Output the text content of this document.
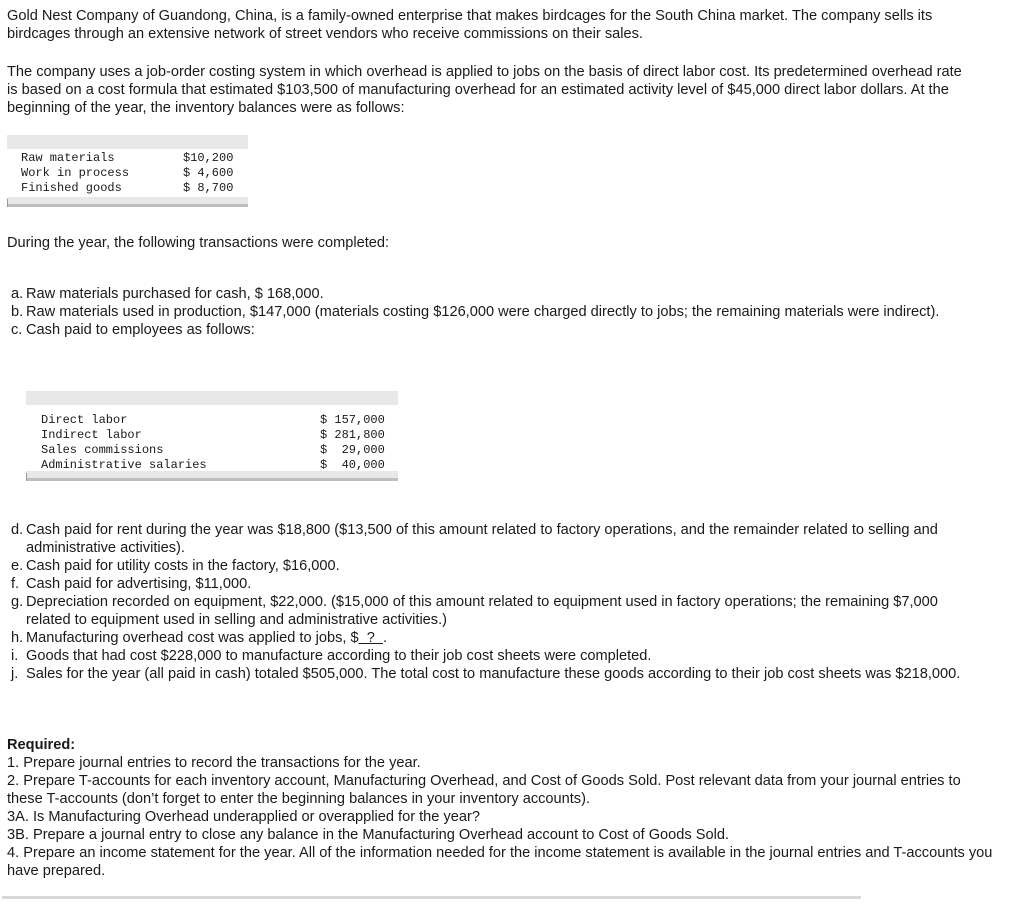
Gold Nest Company of Guandong, China, is a family-owned enterprise that makes birdcages for the South China market. The company sells its birdcages through an extensive network of street vendors who receive commissions on their sales.

The company uses a job-order costing system in which overhead is applied to jobs on the basis of direct labor cost. Its predetermined overhead rate is based on a cost formula that estimated $103,500 of manufacturing overhead for an estimated activity level of $45,000 direct labor dollars. At the beginning of the year, the inventory balances were as follows:

Raw materials	$10,200
Work in process	$ 4,600
Finished goods	$ 8,700

During the year, the following transactions were completed:

a. Raw materials purchased for cash, $ 168,000.
b. Raw materials used in production, $147,000 (materials costing $126,000 were charged directly to jobs; the remaining materials were indirect).
c. Cash paid to employees as follows:
Direct labor	$ 157,000
Indirect labor	$ 281,800
Sales commissions	$  29,000
Administrative salaries	$  40,000
d. Cash paid for rent during the year was $18,800 ($13,500 of this amount related to factory operations, and the remainder related to selling and administrative activities).
e. Cash paid for utility costs in the factory, $16,000.
f. Cash paid for advertising, $11,000.
g. Depreciation recorded on equipment, $22,000. ($15,000 of this amount related to equipment used in factory operations; the remaining $7,000 related to equipment used in selling and administrative activities.)
h. Manufacturing overhead cost was applied to jobs, $  ?  .
i. Goods that had cost $228,000 to manufacture according to their job cost sheets were completed.
j. Sales for the year (all paid in cash) totaled $505,000. The total cost to manufacture these goods according to their job cost sheets was $218,000.

Required:

1. Prepare journal entries to record the transactions for the year.

2. Prepare T-accounts for each inventory account, Manufacturing Overhead, and Cost of Goods Sold. Post relevant data from your journal entries to these T-accounts (don’t forget to enter the beginning balances in your inventory accounts).

3A. Is Manufacturing Overhead underapplied or overapplied for the year?

3B. Prepare a journal entry to close any balance in the Manufacturing Overhead account to Cost of Goods Sold.

4. Prepare an income statement for the year. All of the information needed for the income statement is available in the journal entries and T-accounts you have prepared.
